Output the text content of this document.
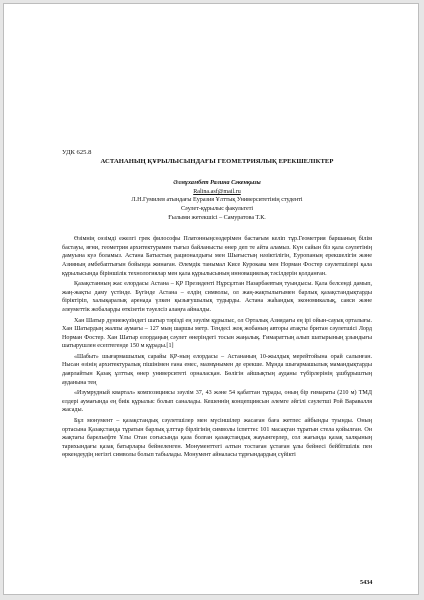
УДК 625.8

АСТАНАНЫҢ ҚҰРЫЛЫСЫНДАҒЫ ГЕОМЕТРИЯЛЫҚ ЕРЕКШЕЛІКТЕР

Әлмұхамбет Ралина Сәкенқызы

Ralina.asf@mail.ru

Л.Н.Гумилев атындағы Еуразия Ұлттық Университетінің студенті

Сәулет-құрылыс факультеті

Ғылыми жетекшісі – Самуратова Т.К.

Өзімнің сөзімді ежелгі грек философы Платонныңсөздерімен бастағым келіп тұр.Геометрия баршаның білім бастауы, яғни, геометрия архитектурамен тығыз байланысты өнер деп те айта аламыз. Күн сайын біз қала сәулетінің дамуына куә боламыз. Астана Батыстың рационалдығы мен Шығыстың нәзіктілігін, Еуропаның ерекшелігін және Азияның әмбебаптығын бойында жинаған. Әлемдік танымал Кисе Курокава мен Норман Фостер сәулетшілері қала құрылысында біріншілік технологиялар мен қала құрылысының инновациялық тәсілдерін қолданған.

Қазақстанның жас елордасы Астана – ҚР Президенті Нұрсұлтан Назарбаевтың туындысы. Қала белсенді дамып, жаң-жақты даму үстінде. Бүгінде Астана – елдің символы, ол жаң-жақтылығымен барлық қазақстандықтарды біріктіріп, халықаралық аренада үлкен қызығушылық тудырды. Астана жаһандық экономикалық, саяси және әлеуметтік жобаларды өткізетін тәуелсіз алаңға айналды.

Хан Шатыр дүниежүзіндегі шатыр тәрізді ең зәулім құрылыс, ол Орталық Азиядағы ең ірі ойын-сауық орталығы. Хан Шатырдың жалпы аумағы – 127 мың шаршы метр. Тендесі жоқ жобаның авторы атақты британ сәулетшісі Лорд Норман Фостер. Хан Шатыр елордаңың сәулет өнеріндегі тосын жаңалық. Ғимараттың алып шатырының ұзындығы шатырушлен есептегенде 150 м құрады.[1]

«Шабыт» шығармашылық сарайы ҚР-ның елордасы – Астананың 10-жылдық мерейтойына орай салынған. Нысан өзінің архитектуралық пішінімен ғана емес, мазмұнымен де ерекше. Мұнда шығармашылық мамандықтарды даярлайтын Қазақ ұлттық өнер университеті орналасқан. Бөлігін айшықтың ауданы түбірлерінің ұшбұрыштың ауданына тең

«Изумрудный квартал» композициясы зәулім 37, 43 және 54 қабаттан тұрады, оның бір ғимараты (210 м) ТМД елдері аумағында ең биік құрылыс болып саналады. Кешеннің концепциясын әлемге әйгілі сәулетші Рой Варавалля жасады.

Бұл монумент – қазақстандық сәулетшілер мен мүсіншілер жасаған баға жетпес айбынды туынды. Оның ортасына Қазақстанда тұратын барлық ұлттар бірлігінің символы іспеттес 101 масақтан тұратын стела қойылған. Он жақтағы барельефте Ұлы Отан соғысында қаза болған қазақстандық жауынгерлер, сол жағында қазақ халқының тарихындағы қазақ батырлары бейнеленген. Монументтегі алтын тостаған ұстаған ұлы бейнесі бейбітшілік пен өркендеудің негізгі символы болып табылады. Монумент айналасы тұрғындардың сүйікті

5434
